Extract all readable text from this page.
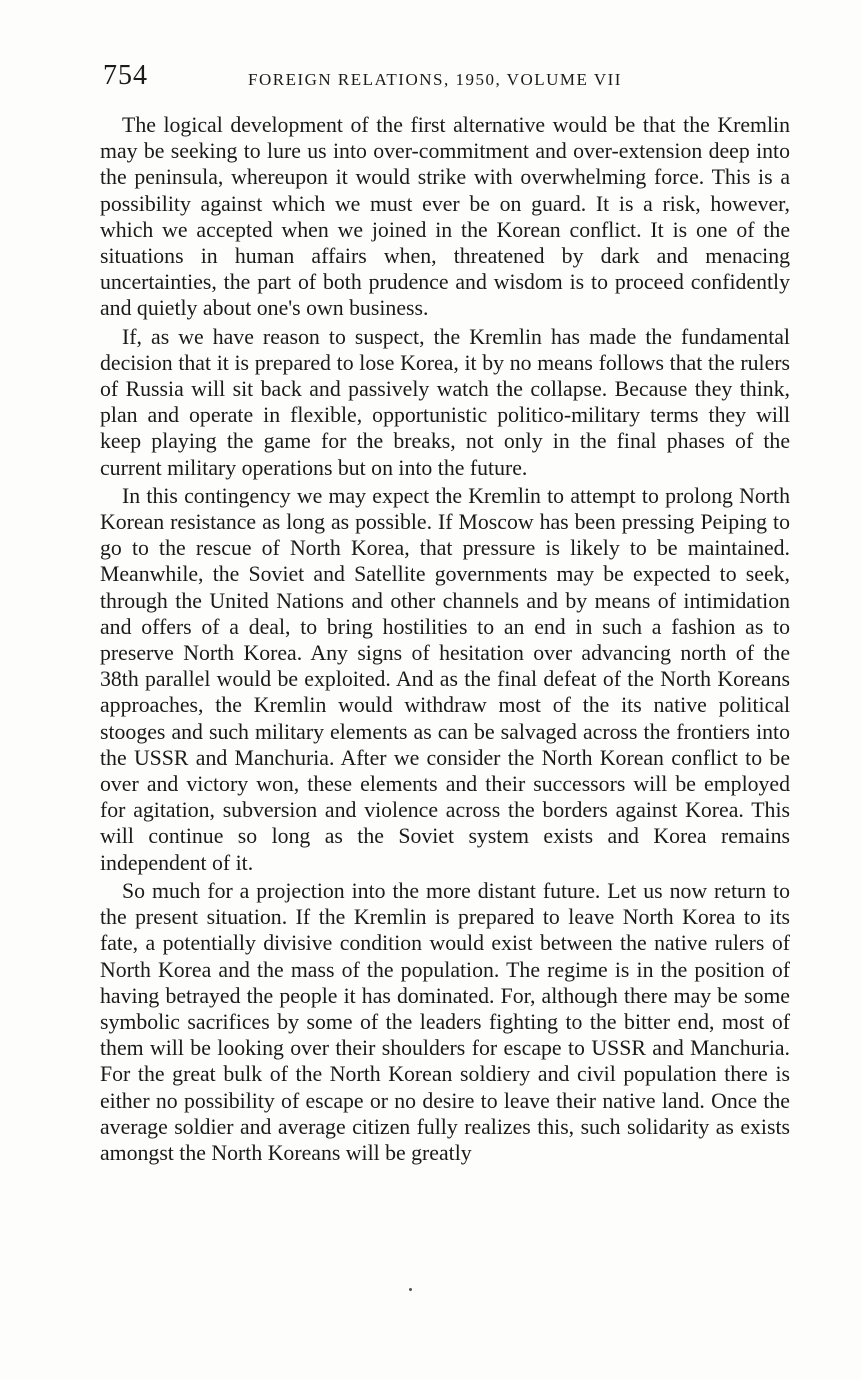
754	FOREIGN RELATIONS, 1950, VOLUME VII

The logical development of the first alternative would be that the Kremlin may be seeking to lure us into over-commitment and over-extension deep into the peninsula, whereupon it would strike with overwhelming force. This is a possibility against which we must ever be on guard. It is a risk, however, which we accepted when we joined in the Korean conflict. It is one of the situations in human affairs when, threatened by dark and menacing uncertainties, the part of both prudence and wisdom is to proceed confidently and quietly about one's own business.

If, as we have reason to suspect, the Kremlin has made the fundamental decision that it is prepared to lose Korea, it by no means follows that the rulers of Russia will sit back and passively watch the collapse. Because they think, plan and operate in flexible, opportunistic politico-military terms they will keep playing the game for the breaks, not only in the final phases of the current military operations but on into the future.

In this contingency we may expect the Kremlin to attempt to prolong North Korean resistance as long as possible. If Moscow has been pressing Peiping to go to the rescue of North Korea, that pressure is likely to be maintained. Meanwhile, the Soviet and Satellite governments may be expected to seek, through the United Nations and other channels and by means of intimidation and offers of a deal, to bring hostilities to an end in such a fashion as to preserve North Korea. Any signs of hesitation over advancing north of the 38th parallel would be exploited. And as the final defeat of the North Koreans approaches, the Kremlin would withdraw most of the its native political stooges and such military elements as can be salvaged across the frontiers into the USSR and Manchuria. After we consider the North Korean conflict to be over and victory won, these elements and their successors will be employed for agitation, subversion and violence across the borders against Korea. This will continue so long as the Soviet system exists and Korea remains independent of it.

So much for a projection into the more distant future. Let us now return to the present situation. If the Kremlin is prepared to leave North Korea to its fate, a potentially divisive condition would exist between the native rulers of North Korea and the mass of the population. The regime is in the position of having betrayed the people it has dominated. For, although there may be some symbolic sacrifices by some of the leaders fighting to the bitter end, most of them will be looking over their shoulders for escape to USSR and Manchuria. For the great bulk of the North Korean soldiery and civil population there is either no possibility of escape or no desire to leave their native land. Once the average soldier and average citizen fully realizes this, such solidarity as exists amongst the North Koreans will be greatly
